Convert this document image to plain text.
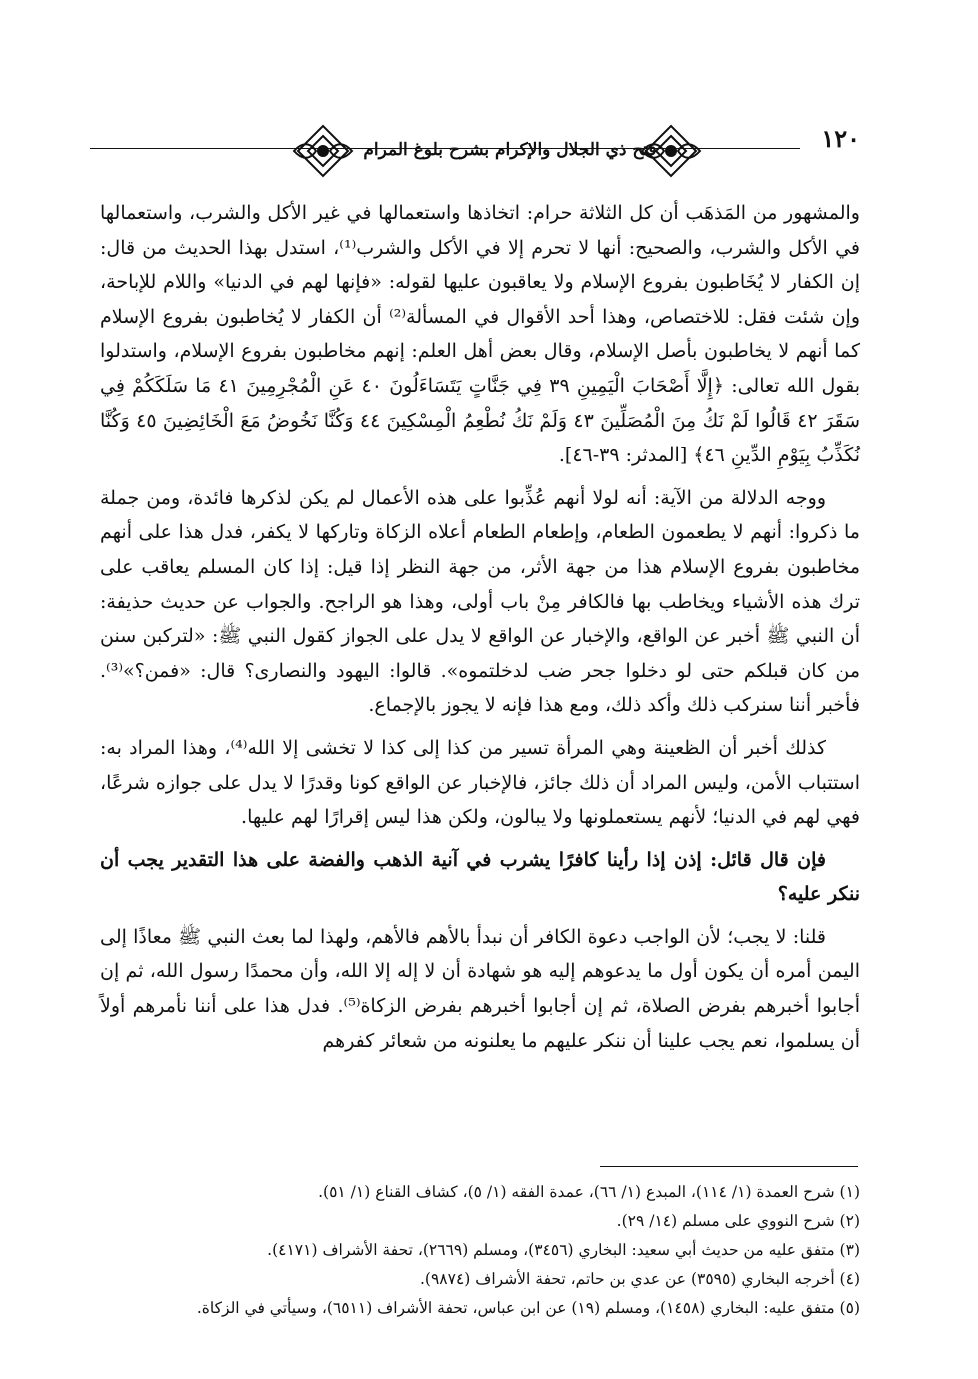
فتح ذي الجلال والإكرام بشرح بلوغ المرام	١٢٠

والمشهور من المَذهَب أن كل الثلاثة حرام: اتخاذها واستعمالها في غير الأكل والشرب، واستعمالها في الأكل والشرب، والصحيح: أنها لا تحرم إلا في الأكل والشرب⁽¹⁾، استدل بهذا الحديث من قال: إن الكفار لا يُخَاطبون بفروع الإسلام ولا يعاقبون عليها لقوله: «فإنها لهم في الدنيا» واللام للإباحة، وإن شئت فقل: للاختصاص، وهذا أحد الأقوال في المسألة⁽²⁾ أن الكفار لا يُخاطبون بفروع الإسلام كما أنهم لا يخاطبون بأصل الإسلام، وقال بعض أهل العلم: إنهم مخاطبون بفروع الإسلام، واستدلوا بقول الله تعالى: ﴿إِلَّا أَصْحَابَ الْيَمِينِ ٣٩ فِي جَنَّاتٍ يَتَسَاءَلُونَ ٤٠ عَنِ الْمُجْرِمِينَ ٤١ مَا سَلَكَكُمْ فِي سَقَرَ ٤٢ قَالُوا لَمْ نَكُ مِنَ الْمُصَلِّينَ ٤٣ وَلَمْ نَكُ نُطْعِمُ الْمِسْكِينَ ٤٤ وَكُنَّا نَخُوضُ مَعَ الْخَائِضِينَ ٤٥ وَكُنَّا نُكَذِّبُ بِيَوْمِ الدِّينِ ٤٦﴾ [المدثر: ٣٩-٤٦].

ووجه الدلالة من الآية: أنه لولا أنهم عُذِّبوا على هذه الأعمال لم يكن لذكرها فائدة، ومن جملة ما ذكروا: أنهم لا يطعمون الطعام، وإطعام الطعام أعلاه الزكاة وتاركها لا يكفر، فدل هذا على أنهم مخاطبون بفروع الإسلام هذا من جهة الأثر، من جهة النظر إذا قيل: إذا كان المسلم يعاقب على ترك هذه الأشياء ويخاطب بها فالكافر مِنْ باب أولى، وهذا هو الراجح. والجواب عن حديث حذيفة: أن النبي ﷺ أخبر عن الواقع، والإخبار عن الواقع لا يدل على الجواز كقول النبي ﷺ: «لتركبن سنن من كان قبلكم حتى لو دخلوا جحر ضب لدخلتموه». قالوا: اليهود والنصارى؟ قال: «فمن؟»⁽³⁾. فأخبر أننا سنركب ذلك وأكد ذلك، ومع هذا فإنه لا يجوز بالإجماع.

كذلك أخبر أن الظعينة وهي المرأة تسير من كذا إلى كذا لا تخشى إلا الله⁽⁴⁾، وهذا المراد به: استتباب الأمن، وليس المراد أن ذلك جائز، فالإخبار عن الواقع كونا وقدرًا لا يدل على جوازه شرعًا، فهي لهم في الدنيا؛ لأنهم يستعملونها ولا يبالون، ولكن هذا ليس إقرارًا لهم عليها.

فإن قال قائل: إذن إذا رأينا كافرًا يشرب في آنية الذهب والفضة على هذا التقدير يجب أن ننكر عليه؟

قلنا: لا يجب؛ لأن الواجب دعوة الكافر أن نبدأ بالأهم فالأهم، ولهذا لما بعث النبي ﷺ معاذًا إلى اليمن أمره أن يكون أول ما يدعوهم إليه هو شهادة أن لا إله إلا الله، وأن محمدًا رسول الله، ثم إن أجابوا أخبرهم بفرض الصلاة، ثم إن أجابوا أخبرهم بفرض الزكاة⁽⁵⁾. فدل هذا على أننا نأمرهم أولاً أن يسلموا، نعم يجب علينا أن ننكر عليهم ما يعلنونه من شعائر كفرهم

(١) شرح العمدة (١/ ١١٤)، المبدع (١/ ٦٦)، عمدة الفقه (١/ ٥)، كشاف القناع (١/ ٥١).
(٢) شرح النووي على مسلم (١٤/ ٢٩).
(٣) متفق عليه من حديث أبي سعيد: البخاري (٣٤٥٦)، ومسلم (٢٦٦٩)، تحفة الأشراف (٤١٧١).
(٤) أخرجه البخاري (٣٥٩٥) عن عدي بن حاتم، تحفة الأشراف (٩٨٧٤).
(٥) متفق عليه: البخاري (١٤٥٨)، ومسلم (١٩) عن ابن عباس، تحفة الأشراف (٦٥١١)، وسيأتي في الزكاة.
